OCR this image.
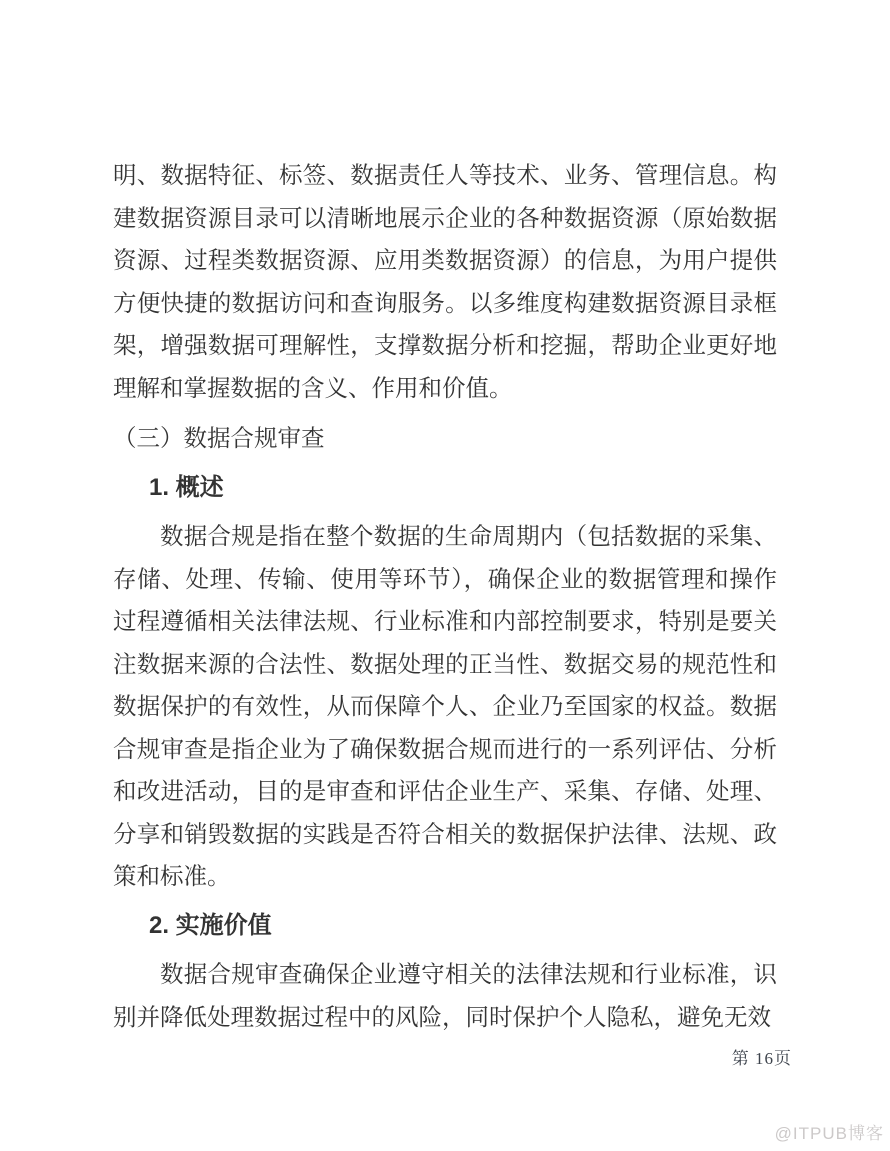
明、数据特征、标签、数据责任人等技术、业务、管理信息。构建数据资源目录可以清晰地展示企业的各种数据资源（原始数据资源、过程类数据资源、应用类数据资源）的信息，为用户提供方便快捷的数据访问和查询服务。以多维度构建数据资源目录框架，增强数据可理解性，支撑数据分析和挖掘，帮助企业更好地理解和掌握数据的含义、作用和价值。
（三）数据合规审查
1. 概述
数据合规是指在整个数据的生命周期内（包括数据的采集、存储、处理、传输、使用等环节），确保企业的数据管理和操作过程遵循相关法律法规、行业标准和内部控制要求，特别是要关注数据来源的合法性、数据处理的正当性、数据交易的规范性和数据保护的有效性，从而保障个人、企业乃至国家的权益。数据合规审查是指企业为了确保数据合规而进行的一系列评估、分析和改进活动，目的是审查和评估企业生产、采集、存储、处理、分享和销毁数据的实践是否符合相关的数据保护法律、法规、政策和标准。
2. 实施价值
数据合规审查确保企业遵守相关的法律法规和行业标准，识别并降低处理数据过程中的风险，同时保护个人隐私，避免无效
第 16页
@ITPUB博客
